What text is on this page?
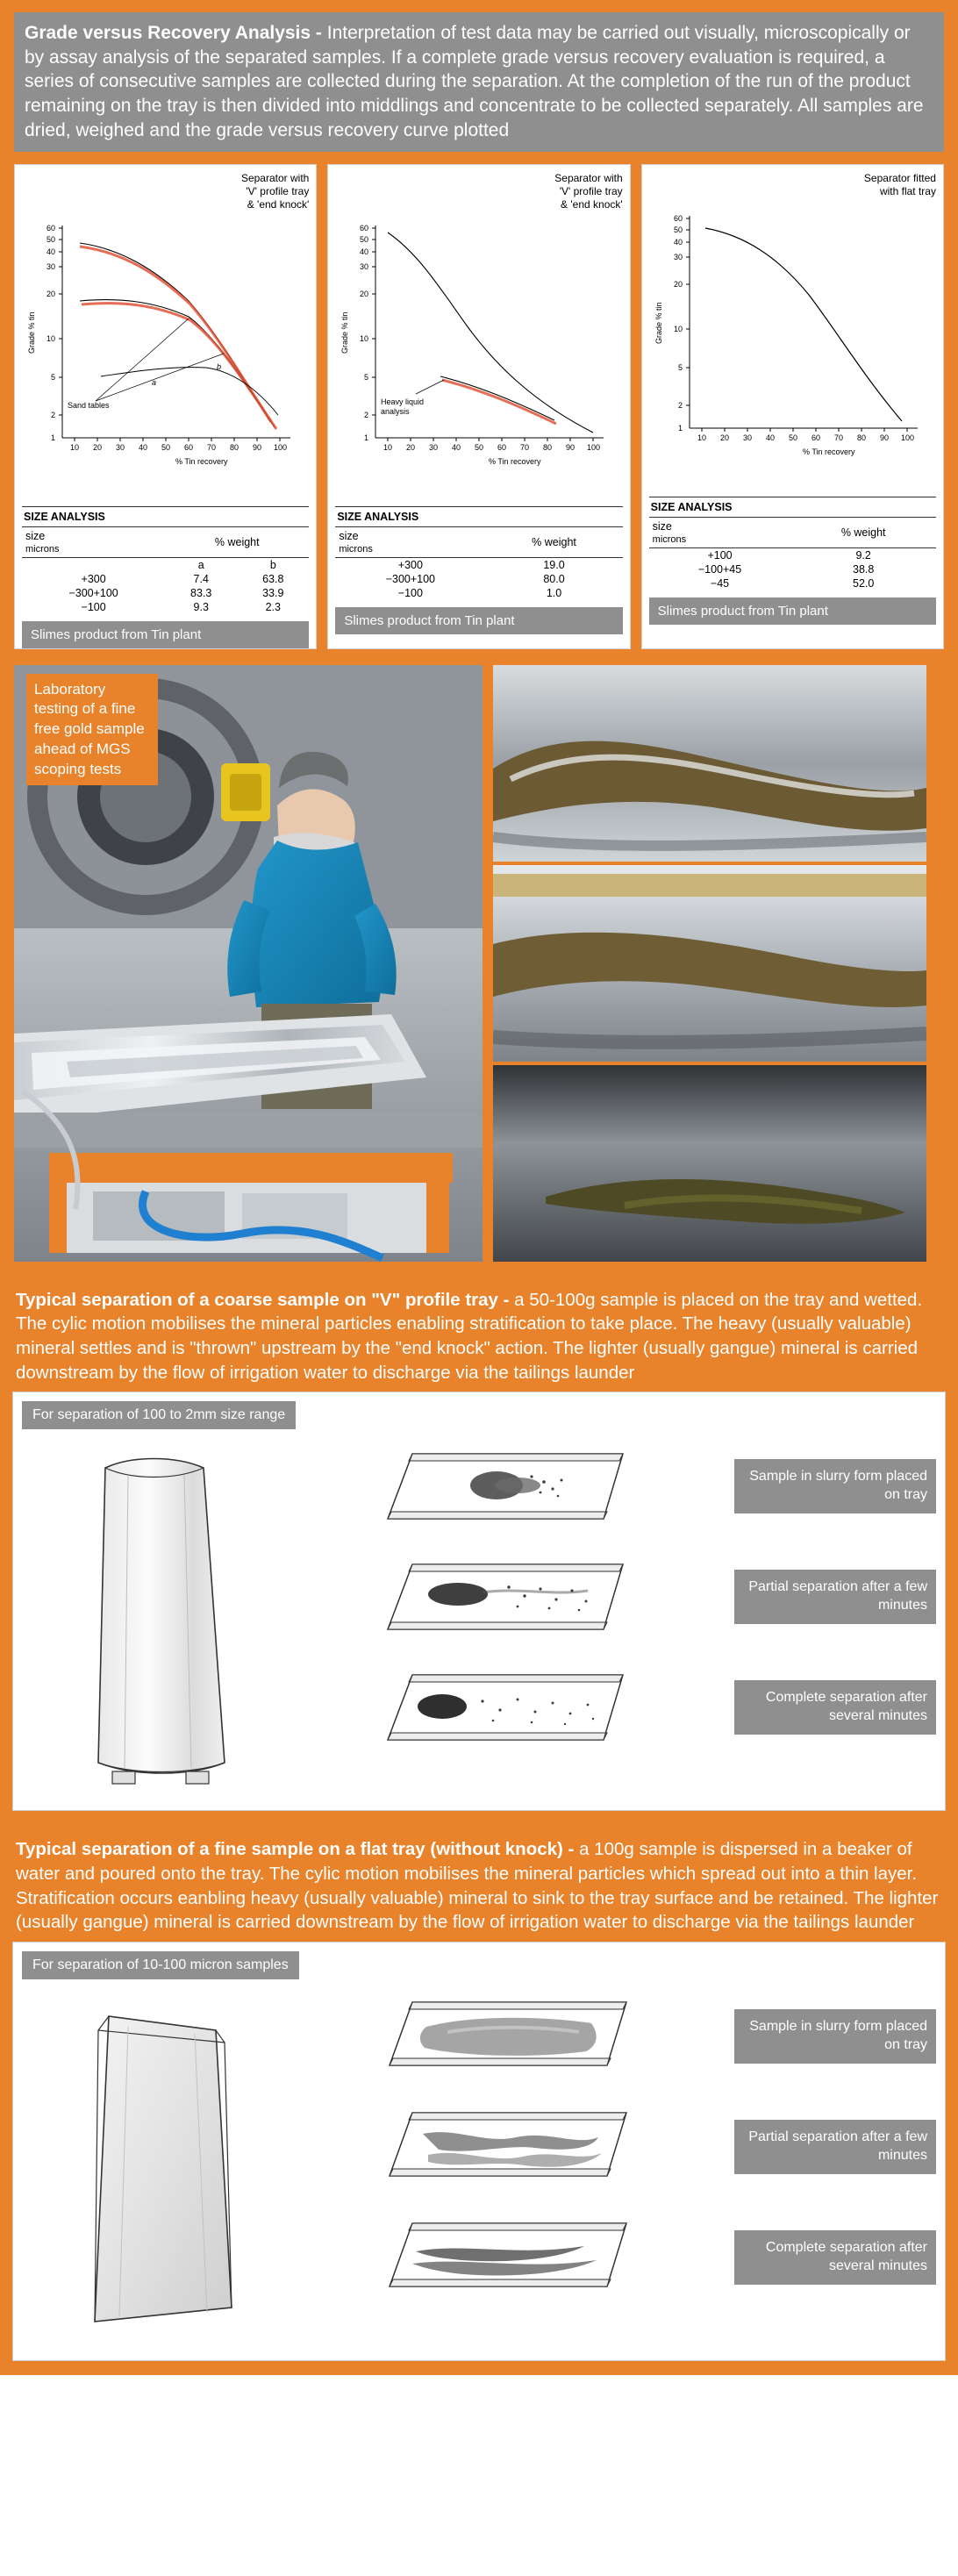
Grade versus Recovery Analysis - Interpretation of test data may be carried out visually, microscopically or by assay analysis of the separated samples. If a complete grade versus recovery evaluation is required, a series of consecutive samples are collected during the separation. At the completion of the run of the product remaining on the tray is then divided into middlings and concentrate to be collected separately. All samples are dried, weighed and the grade versus recovery curve plotted
Separator with
'V' profile tray
& 'end knock'
60
50
40
30
20
10
5
2
1
Grade % tin
10 20 30 40 50 60 70 80 90 100
% Tin recovery
Sand tables
a
b
SIZE ANALYSIS
size
microns	% weight	
	a	b
+300	7.4	63.8
−300+100	83.3	33.9
−100	9.3	2.3
Slimes product from Tin plant
Separator with
'V' profile tray
& 'end knock'
60
50
40
30
20
10
5
2
1
Grade % tin
10 20 30 40 50 60 70 80 90 100
% Tin recovery
Heavy liquid
analysis
SIZE ANALYSIS
size
microns	% weight
+300	19.0
−300+100	80.0
−100	1.0
Slimes product from Tin plant
Separator fitted
with flat tray
60
50
40
30
20
10
5
2
1
Grade % tin
10 20 30 40 50 60 70 80 90 100
% Tin recovery
SIZE ANALYSIS
size
microns	% weight
+100	9.2
−100+45	38.8
−45	52.0
Slimes product from Tin plant
Laboratory testing of a fine free gold sample ahead of MGS scoping tests
Typical separation of a coarse sample on "V" profile tray - a 50-100g sample is placed on the tray and wetted. The cylic motion mobilises the mineral particles enabling stratification to take place. The heavy (usually valuable) mineral settles and is "thrown" upstream by the "end knock" action. The lighter (usually gangue) mineral is carried downstream by the flow of irrigation water to discharge via the tailings launder
For separation of 100 to 2mm size range
Sample in slurry form placed on tray
Partial separation after a few minutes
Complete separation after several minutes
Typical separation of a fine sample on a flat tray (without knock) - a 100g sample is dispersed in a beaker of water and poured onto the tray. The cylic motion mobilises the mineral particles which spread out into a thin layer. Stratification occurs eanbling heavy (usually valuable) mineral to sink to the tray surface and be retained. The lighter (usually gangue) mineral is carried downstream by the flow of irrigation water to discharge via the tailings launder
For separation of 10-100 micron samples
Sample in slurry form placed on tray
Partial separation after a few minutes
Complete separation after several minutes
